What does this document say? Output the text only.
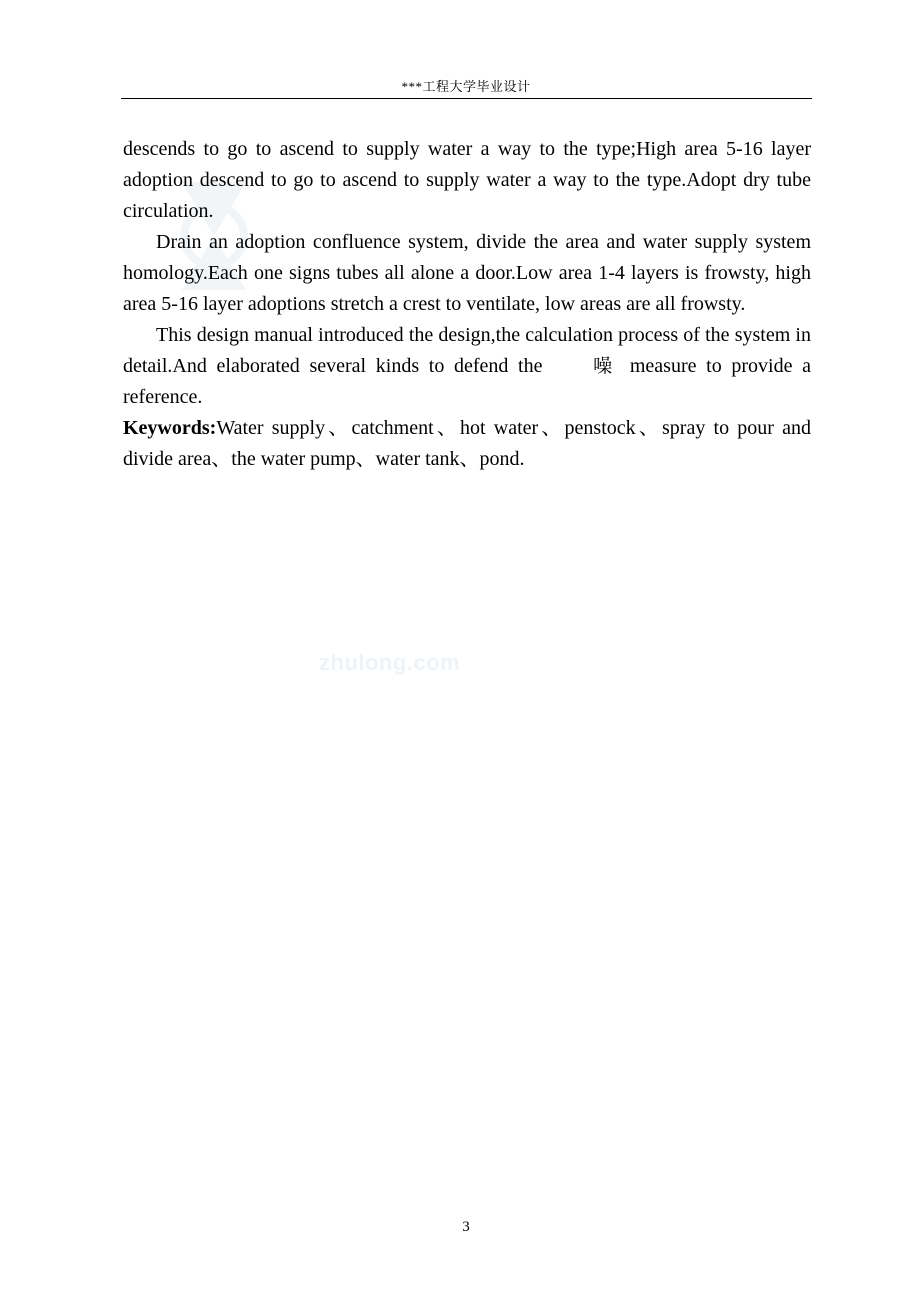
***工程大学毕业设计

descends to go to ascend to supply water a way to the type;High area 5-16 layer adoption descend to go to ascend to supply water a way to the type.Adopt dry tube circulation.

Drain an adoption confluence system, divide the area and water supply system homology.Each one signs tubes all alone a door.Low area 1-4 layers is frowsty, high area 5-16 layer adoptions stretch a crest to ventilate, low areas are all frowsty.

This design manual introduced the design,the calculation process of the system in detail.And elaborated several kinds to defend the	噪 measure to provide a reference.

Keywords:Water supply、catchment、hot water、penstock、spray to pour and divide area、the water pump、water tank、pond.

zhulong.com
3
